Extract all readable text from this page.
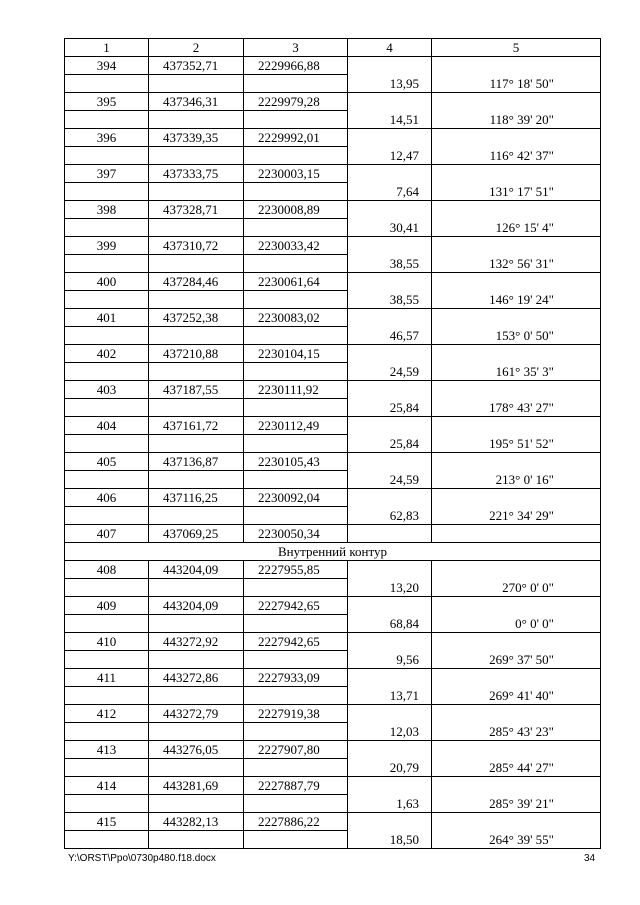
1	2	3	4	5
394	437352,71	2229966,88		
			13,95	117° 18' 50"
395	437346,31	2229979,28		
			14,51	118° 39' 20"
396	437339,35	2229992,01		
			12,47	116° 42' 37"
397	437333,75	2230003,15		
			7,64	131° 17' 51"
398	437328,71	2230008,89		
			30,41	126° 15' 4"
399	437310,72	2230033,42		
			38,55	132° 56' 31"
400	437284,46	2230061,64		
			38,55	146° 19' 24"
401	437252,38	2230083,02		
			46,57	153° 0' 50"
402	437210,88	2230104,15		
			24,59	161° 35' 3"
403	437187,55	2230111,92		
			25,84	178° 43' 27"
404	437161,72	2230112,49		
			25,84	195° 51' 52"
405	437136,87	2230105,43		
			24,59	213° 0' 16"
406	437116,25	2230092,04		
			62,83	221° 34' 29"
407	437069,25	2230050,34		
Внутренний контур				
408	443204,09	2227955,85		
			13,20	270° 0' 0"
409	443204,09	2227942,65		
			68,84	0° 0' 0"
410	443272,92	2227942,65		
			9,56	269° 37' 50"
411	443272,86	2227933,09		
			13,71	269° 41' 40"
412	443272,79	2227919,38		
			12,03	285° 43' 23"
413	443276,05	2227907,80		
			20,79	285° 44' 27"
414	443281,69	2227887,79		
			1,63	285° 39' 21"
415	443282,13	2227886,22		
			18,50	264° 39' 55"
Y:\ORST\Ppo\0730p480.f18.docx	34
